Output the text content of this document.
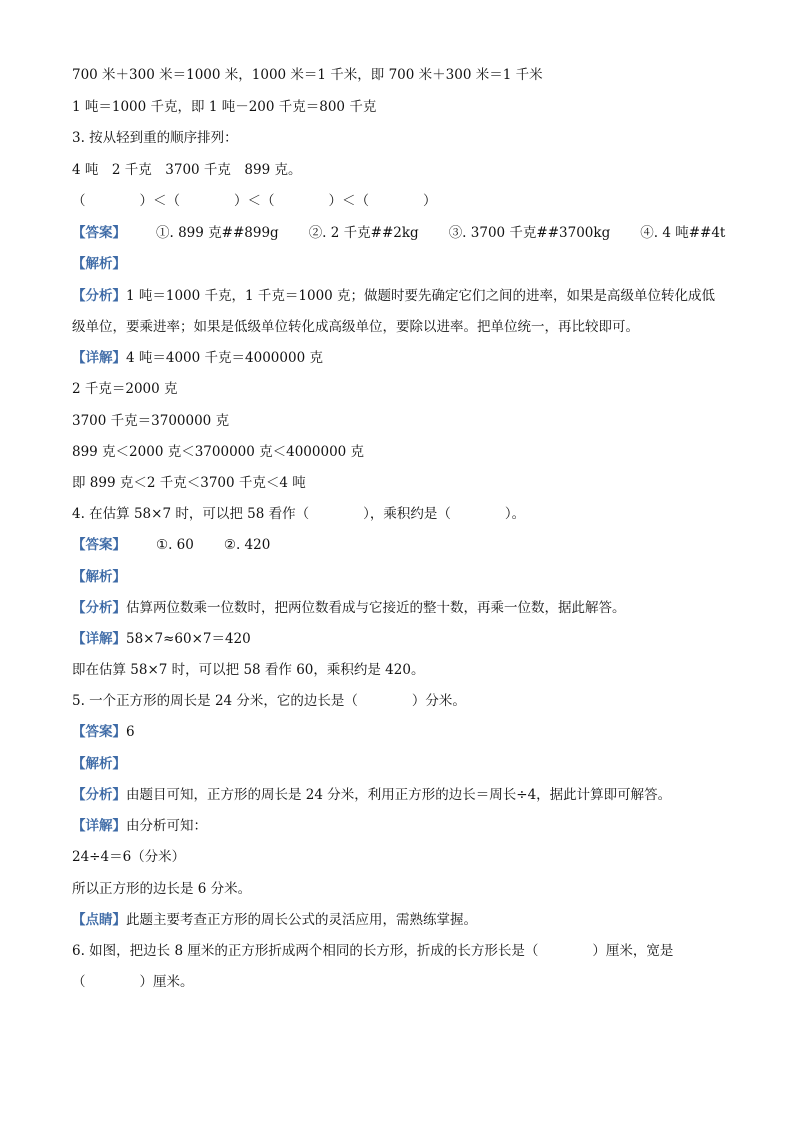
700 米＋300 米＝1000 米，1000 米＝1 千米，即 700 米＋300 米＝1 千米
1 吨＝1000 千克，即 1 吨－200 千克＝800 千克
3. 按从轻到重的顺序排列：
4 吨　2 千克　3700 千克　899 克。
（　　　　）＜（　　　　）＜（　　　　）＜（　　　　）
【答案】 ①. 899 克##899g ②. 2 千克##2kg ③. 3700 千克##3700kg ④. 4 吨##4t
【解析】
【分析】1 吨＝1000 千克，1 千克＝1000 克；做题时要先确定它们之间的进率，如果是高级单位转化成低
级单位，要乘进率；如果是低级单位转化成高级单位，要除以进率。把单位统一，再比较即可。
【详解】4 吨＝4000 千克＝4000000 克
2 千克＝2000 克
3700 千克＝3700000 克
899 克＜2000 克＜3700000 克＜4000000 克
即 899 克＜2 千克＜3700 千克＜4 吨
4. 在估算 58×7 时，可以把 58 看作（　　　　），乘积约是（　　　　）。
【答案】 ①. 60 ②. 420
【解析】
【分析】估算两位数乘一位数时，把两位数看成与它接近的整十数，再乘一位数，据此解答。
【详解】58×7≈60×7＝420
即在估算 58×7 时，可以把 58 看作 60，乘积约是 420。
5. 一个正方形的周长是 24 分米，它的边长是（　　　　）分米。
【答案】6
【解析】
【分析】由题目可知，正方形的周长是 24 分米，利用正方形的边长＝周长÷4，据此计算即可解答。
【详解】由分析可知：
24÷4＝6（分米）
所以正方形的边长是 6 分米。
【点睛】此题主要考查正方形的周长公式的灵活应用，需熟练掌握。
6. 如图，把边长 8 厘米的正方形折成两个相同的长方形，折成的长方形长是（　　　　）厘米，宽是
（　　　　）厘米。
